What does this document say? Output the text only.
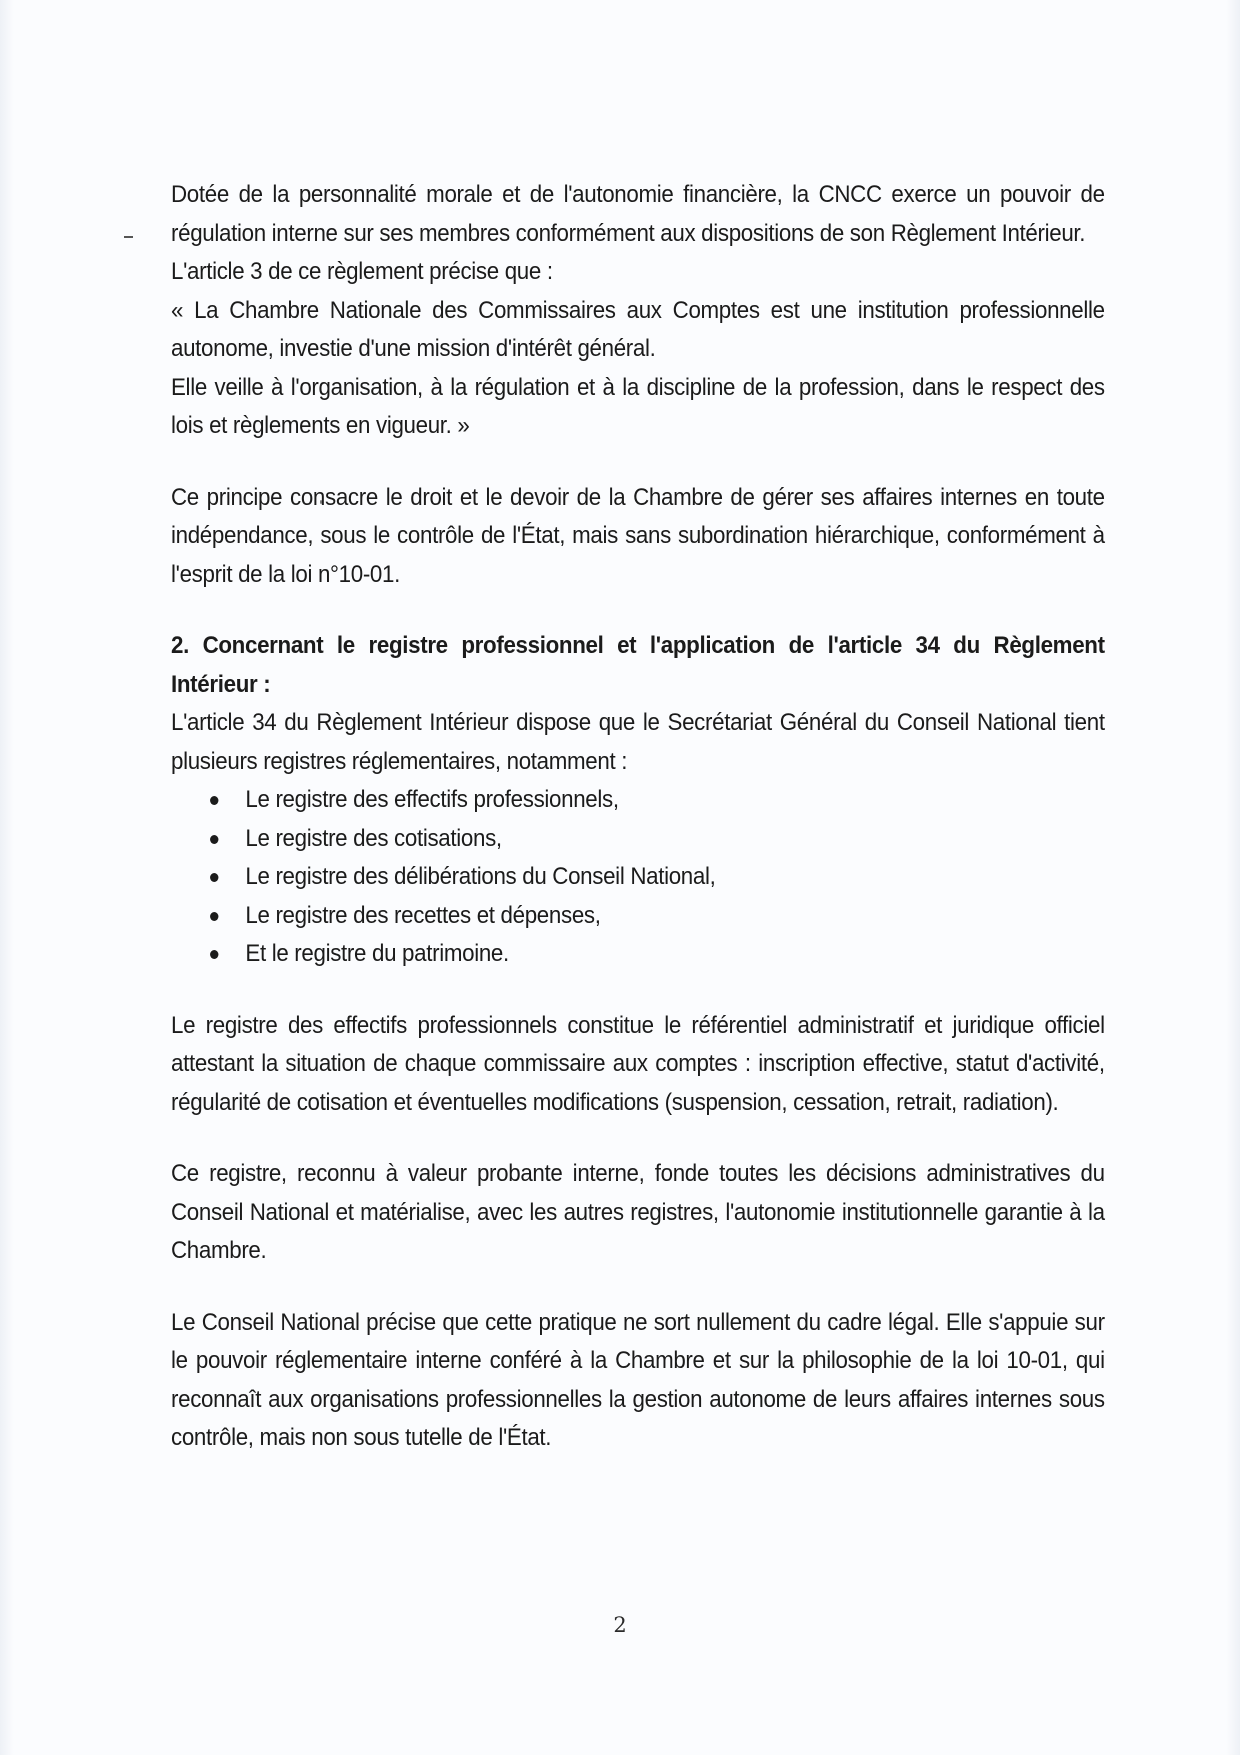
Dotée de la personnalité morale et de l'autonomie financière, la CNCC exerce un pouvoir de régulation interne sur ses membres conformément aux dispositions de son Règlement Intérieur.

L'article 3 de ce règlement précise que :

« La Chambre Nationale des Commissaires aux Comptes est une institution professionnelle autonome, investie d'une mission d'intérêt général.

Elle veille à l'organisation, à la régulation et à la discipline de la profession, dans le respect des lois et règlements en vigueur. »

Ce principe consacre le droit et le devoir de la Chambre de gérer ses affaires internes en toute indépendance, sous le contrôle de l'État, mais sans subordination hiérarchique, conformément à l'esprit de la loi n°10-01.

2. Concernant le registre professionnel et l'application de l'article 34 du Règlement Intérieur :

L'article 34 du Règlement Intérieur dispose que le Secrétariat Général du Conseil National tient plusieurs registres réglementaires, notamment :

Le registre des effectifs professionnels,
Le registre des cotisations,
Le registre des délibérations du Conseil National,
Le registre des recettes et dépenses,
Et le registre du patrimoine.

Le registre des effectifs professionnels constitue le référentiel administratif et juridique officiel attestant la situation de chaque commissaire aux comptes : inscription effective, statut d'activité, régularité de cotisation et éventuelles modifications (suspension, cessation, retrait, radiation).

Ce registre, reconnu à valeur probante interne, fonde toutes les décisions administratives du Conseil National et matérialise, avec les autres registres, l'autonomie institutionnelle garantie à la Chambre.

Le Conseil National précise que cette pratique ne sort nullement du cadre légal. Elle s'appuie sur le pouvoir réglementaire interne conféré à la Chambre et sur la philosophie de la loi 10-01, qui reconnaît aux organisations professionnelles la gestion autonome de leurs affaires internes sous contrôle, mais non sous tutelle de l'État.

2
